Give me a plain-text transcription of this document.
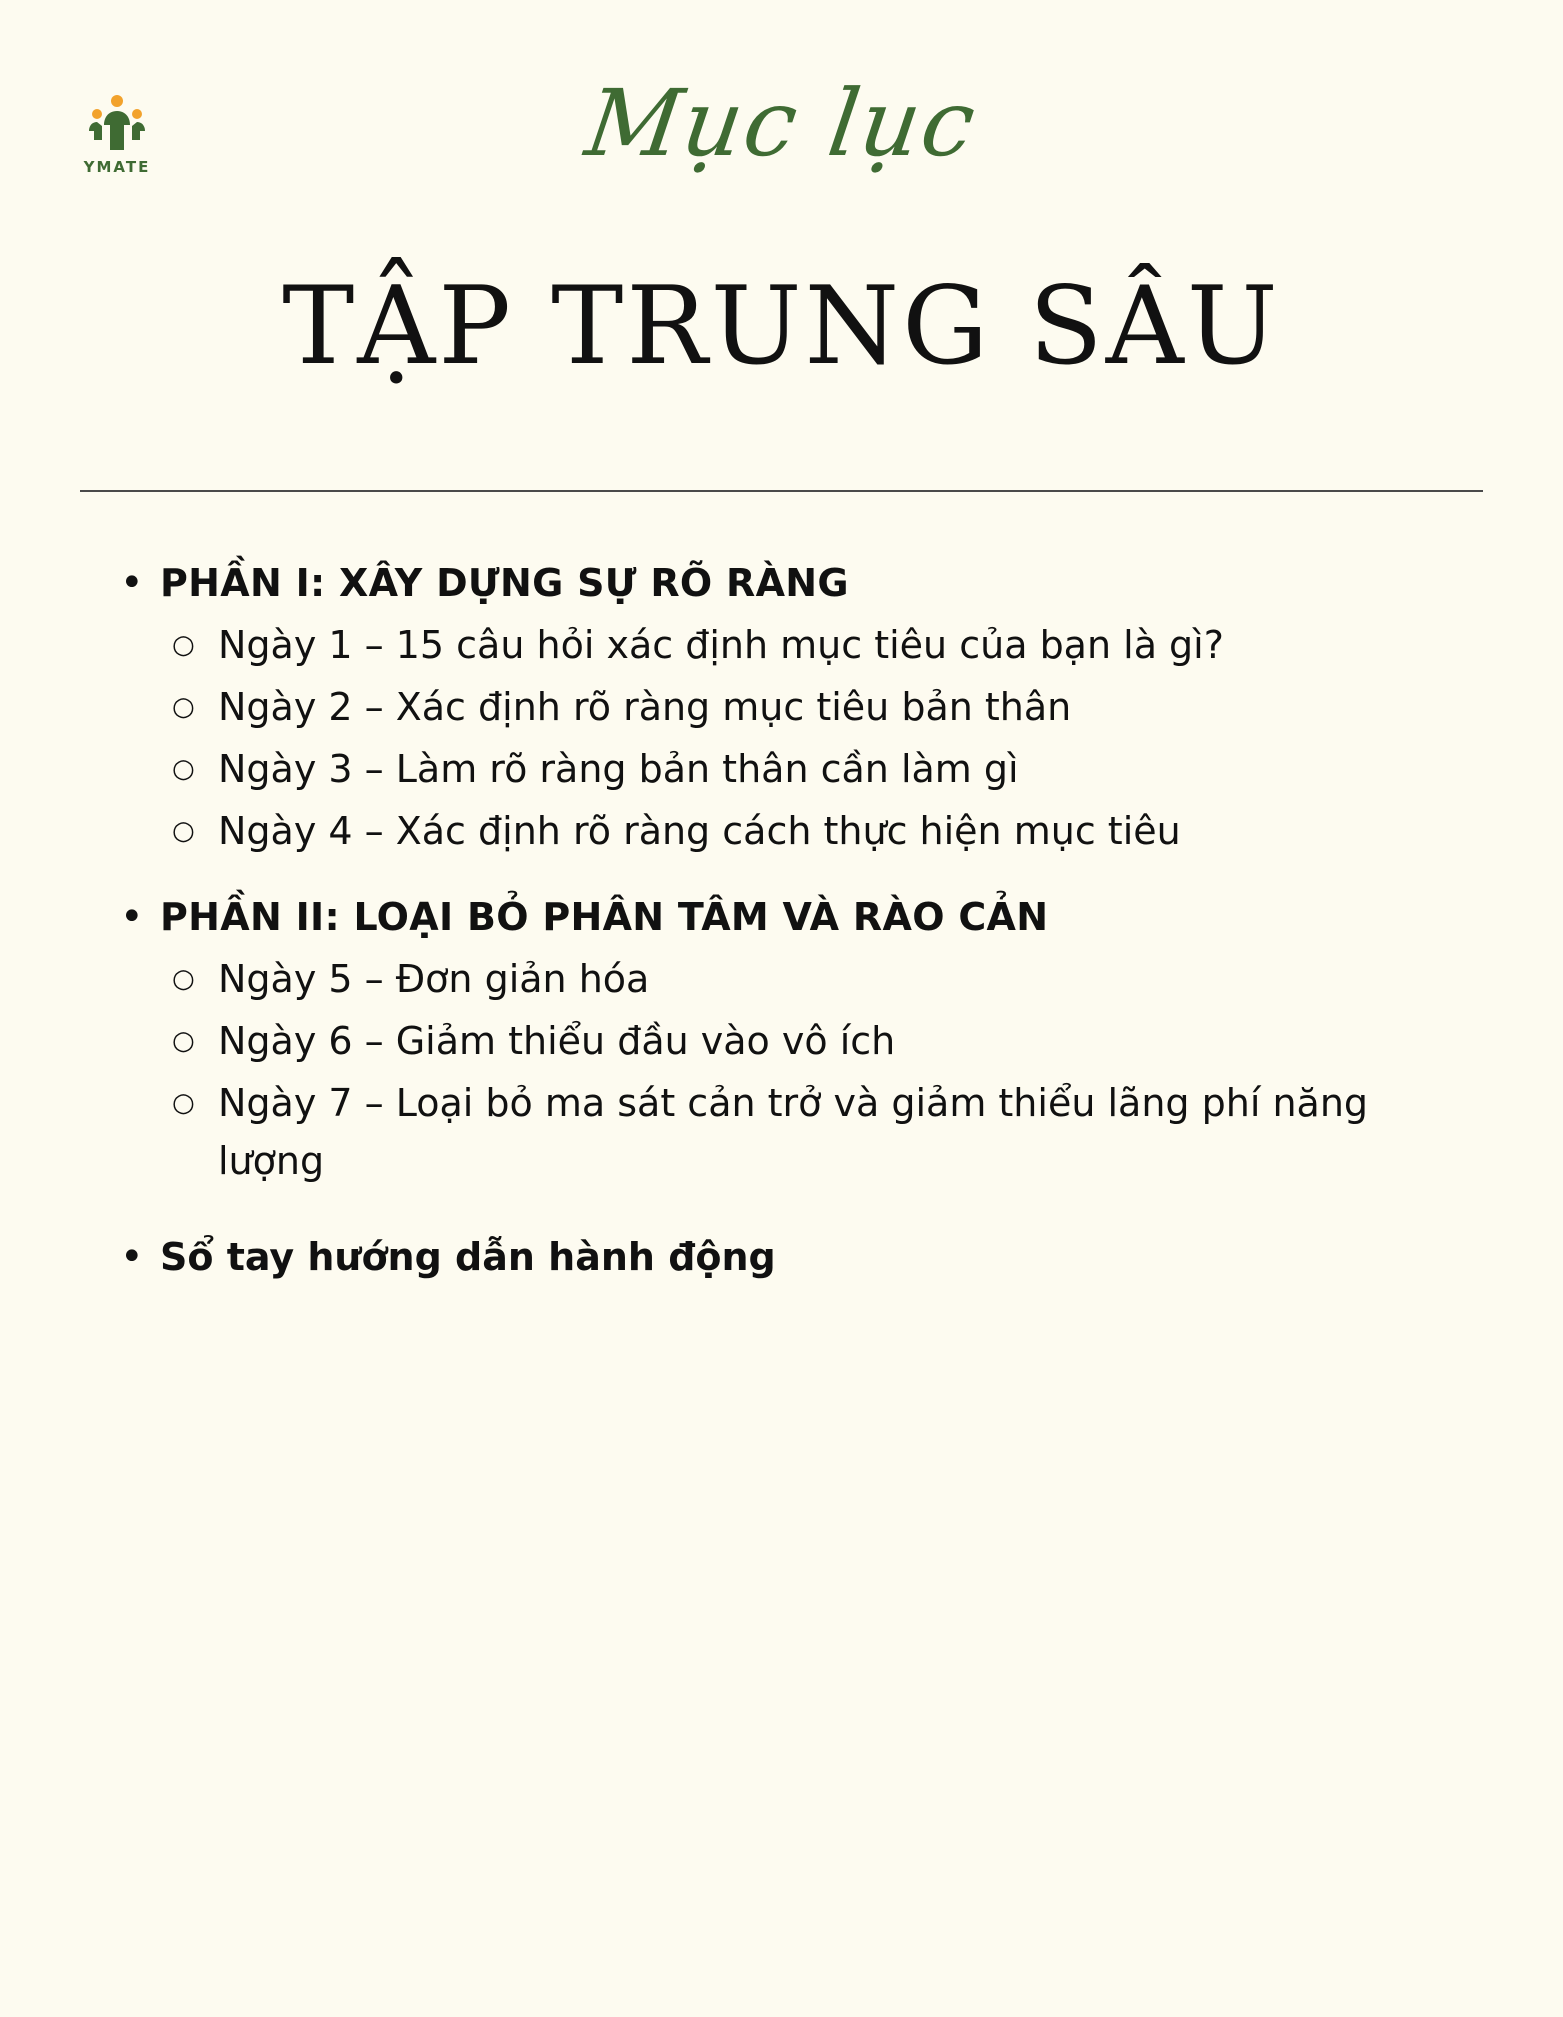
YMATE	Mục lục
TẬP TRUNG SÂU
• PHẦN I: XÂY DỰNG SỰ RÕ RÀNG
○ Ngày 1 – 15 câu hỏi xác định mục tiêu của bạn là gì?
○ Ngày 2 – Xác định rõ ràng mục tiêu bản thân
○ Ngày 3 – Làm rõ ràng bản thân cần làm gì
○ Ngày 4 – Xác định rõ ràng cách thực hiện mục tiêu
• PHẦN II: LOẠI BỎ PHÂN TÂM VÀ RÀO CẢN
○ Ngày 5 – Đơn giản hóa
○ Ngày 6 – Giảm thiểu đầu vào vô ích
○ Ngày 7 – Loại bỏ ma sát cản trở và giảm thiểu lãng phí năng lượng
• Sổ tay hướng dẫn hành động
